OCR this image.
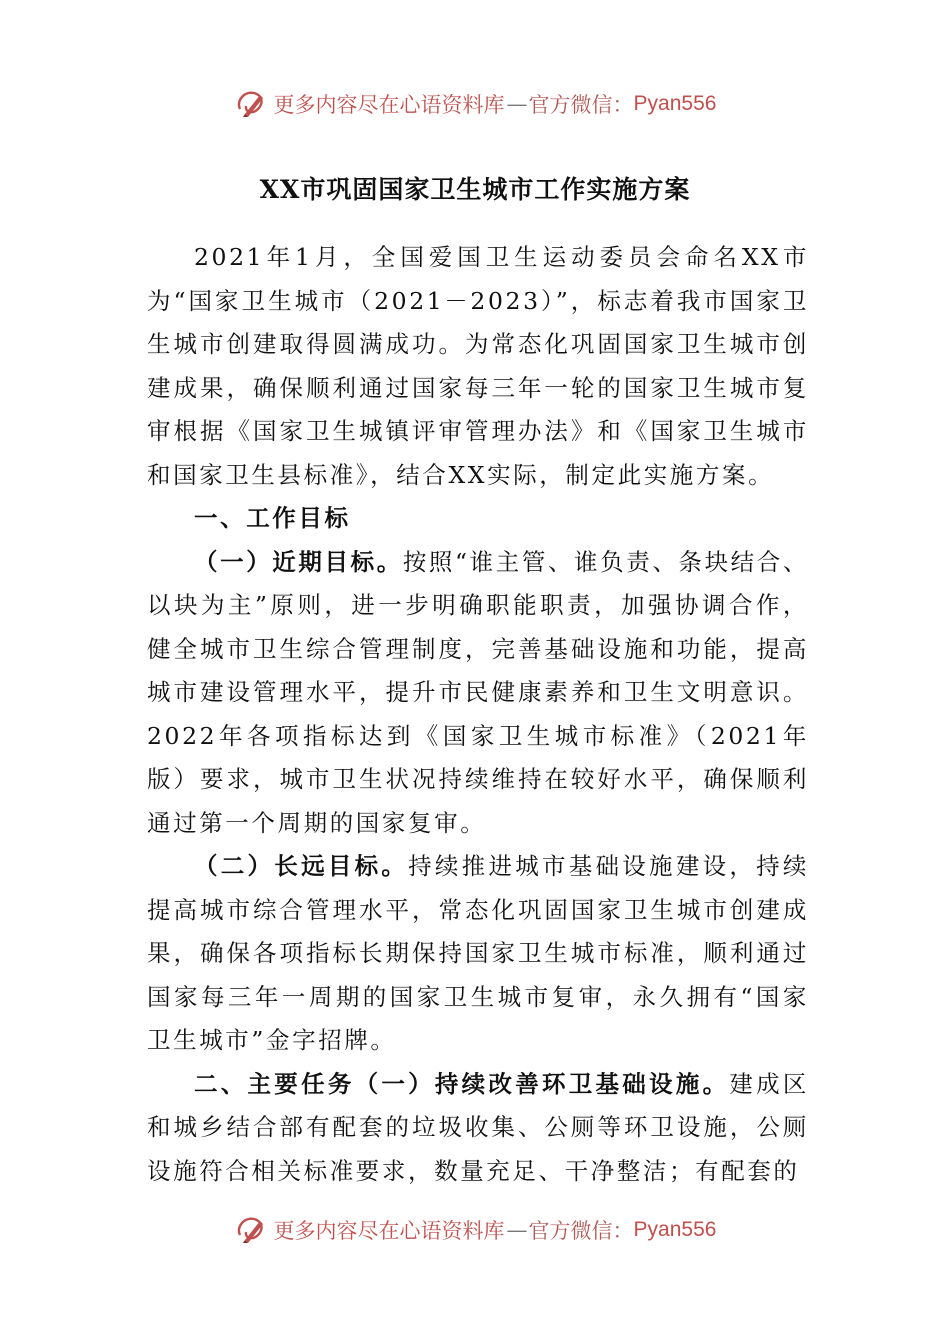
更多内容尽在心语资料库 — 官方微信： Pyan556
XX市巩固国家卫生城市工作实施方案

2021年1月，全国爱国卫生运动委员会命名XX市为“国家卫生城市（2021－2023）”，标志着我市国家卫生城市创建取得圆满成功。为常态化巩固国家卫生城市创建成果，确保顺利通过国家每三年一轮的国家卫生城市复审根据《国家卫生城镇评审管理办法》和《国家卫生城市和国家卫生县标准》，结合XX实际，制定此实施方案。

一、工作目标

（一）近期目标。按照“谁主管、谁负责、条块结合、以块为主”原则，进一步明确职能职责，加强协调合作，健全城市卫生综合管理制度，完善基础设施和功能，提高城市建设管理水平，提升市民健康素养和卫生文明意识。2022年各项指标达到《国家卫生城市标准》（2021年版）要求，城市卫生状况持续维持在较好水平，确保顺利通过第一个周期的国家复审。

（二）长远目标。持续推进城市基础设施建设，持续提高城市综合管理水平，常态化巩固国家卫生城市创建成果，确保各项指标长期保持国家卫生城市标准，顺利通过国家每三年一周期的国家卫生城市复审，永久拥有“国家卫生城市”金字招牌。

二、主要任务（一）持续改善环卫基础设施。建成区和城乡结合部有配套的垃圾收集、公厕等环卫设施，公厕设施符合相关标准要求，数量充足、干净整洁；有配套的

更多内容尽在心语资料库 — 官方微信： Pyan556
